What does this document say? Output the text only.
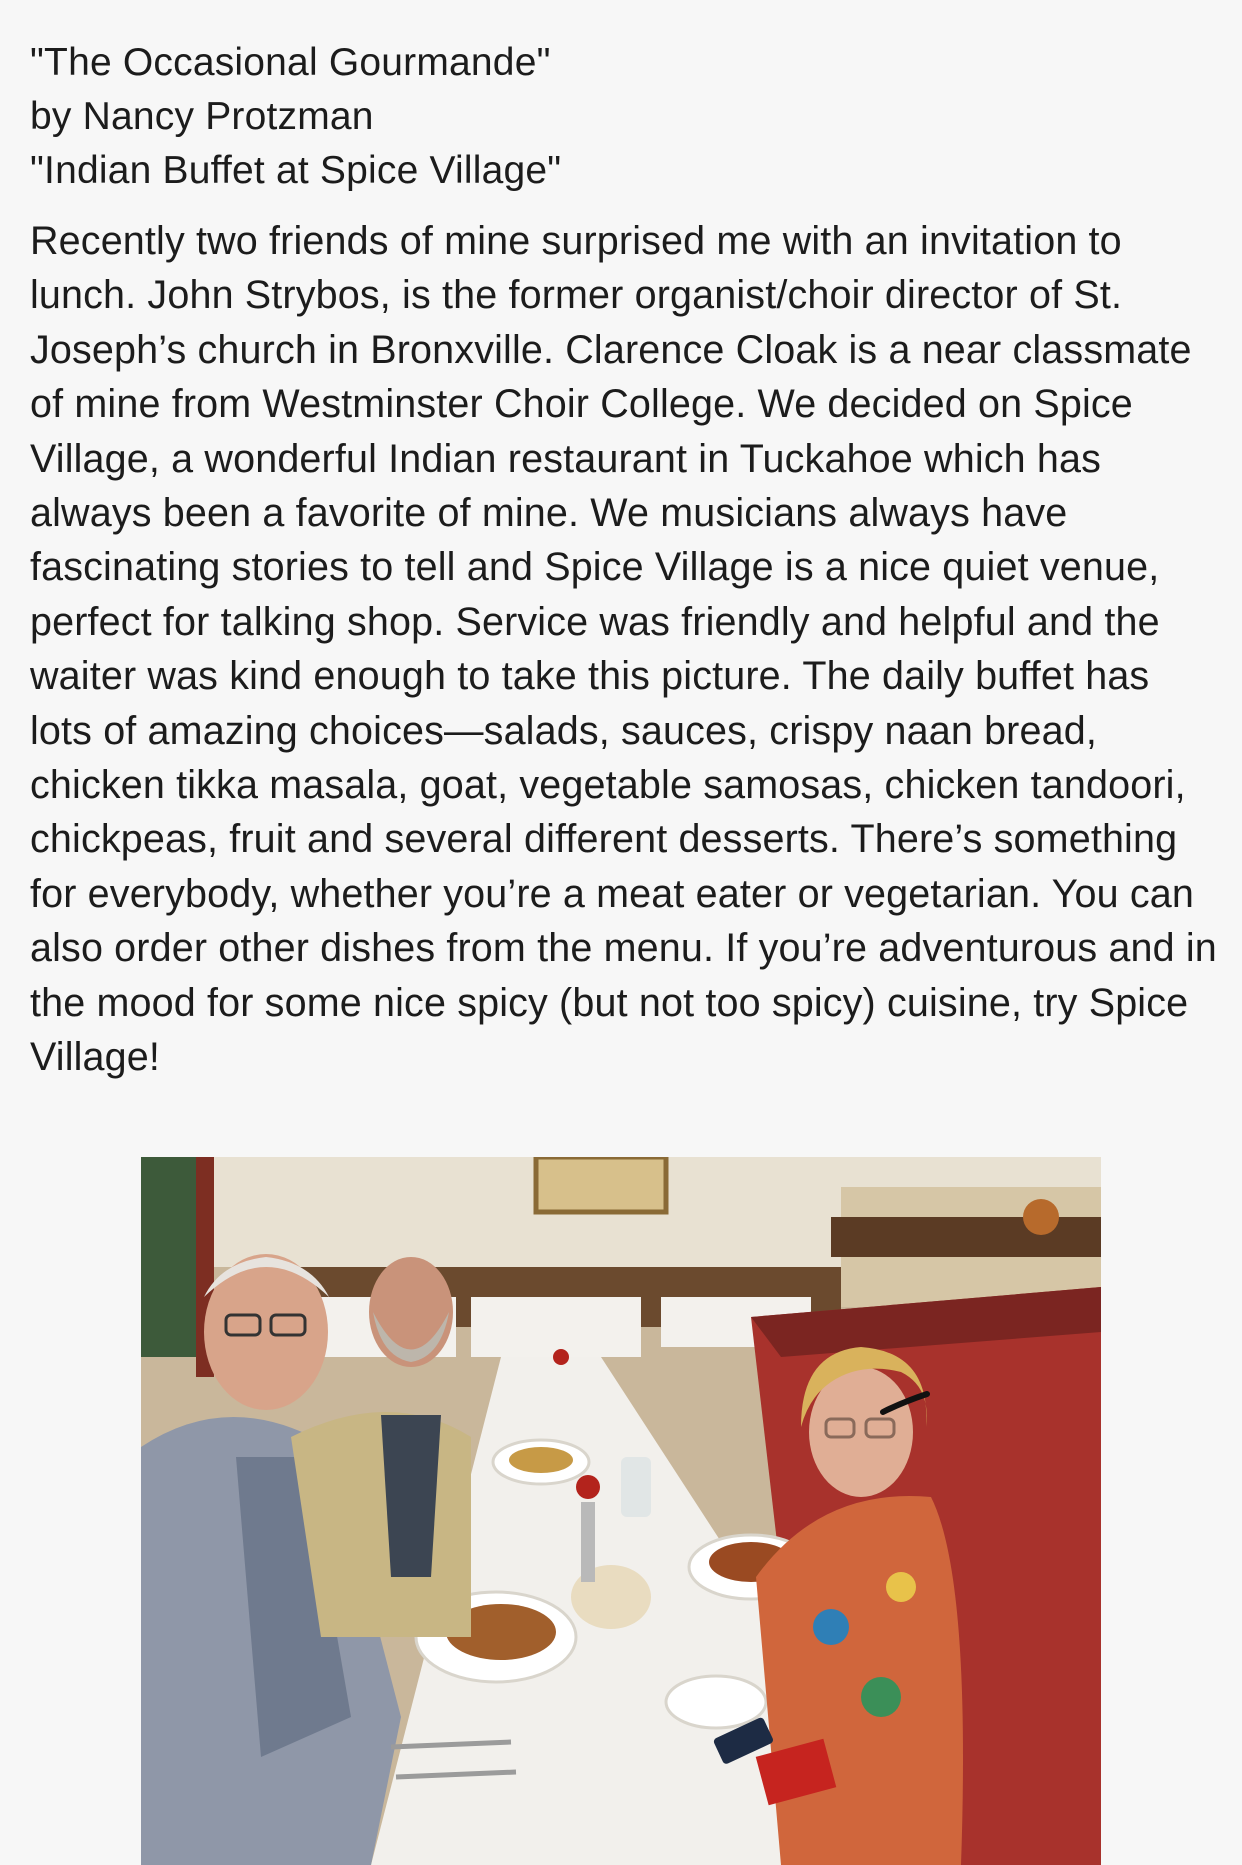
"The Occasional Gourmande"
by Nancy Protzman
"Indian Buffet at Spice Village"

Recently two friends of mine surprised me with an invitation to lunch. John Strybos, is the former organist/choir director of St. Joseph’s church in Bronxville. Clarence Cloak is a near classmate of mine from Westminster Choir College. We decided on Spice Village, a wonderful Indian restaurant in Tuckahoe which has always been a favorite of mine. We musicians always have fascinating stories to tell and Spice Village is a nice quiet venue, perfect for talking shop. Service was friendly and helpful and the waiter was kind enough to take this picture. The daily buffet has lots of amazing choices—salads, sauces, crispy naan bread, chicken tikka masala, goat, vegetable samosas, chicken tandoori, chickpeas, fruit and several different desserts. There’s something for everybody, whether you’re a meat eater or vegetarian. You can also order other dishes from the menu. If you’re adventurous and in the mood for some nice spicy (but not too spicy) cuisine, try Spice Village!
